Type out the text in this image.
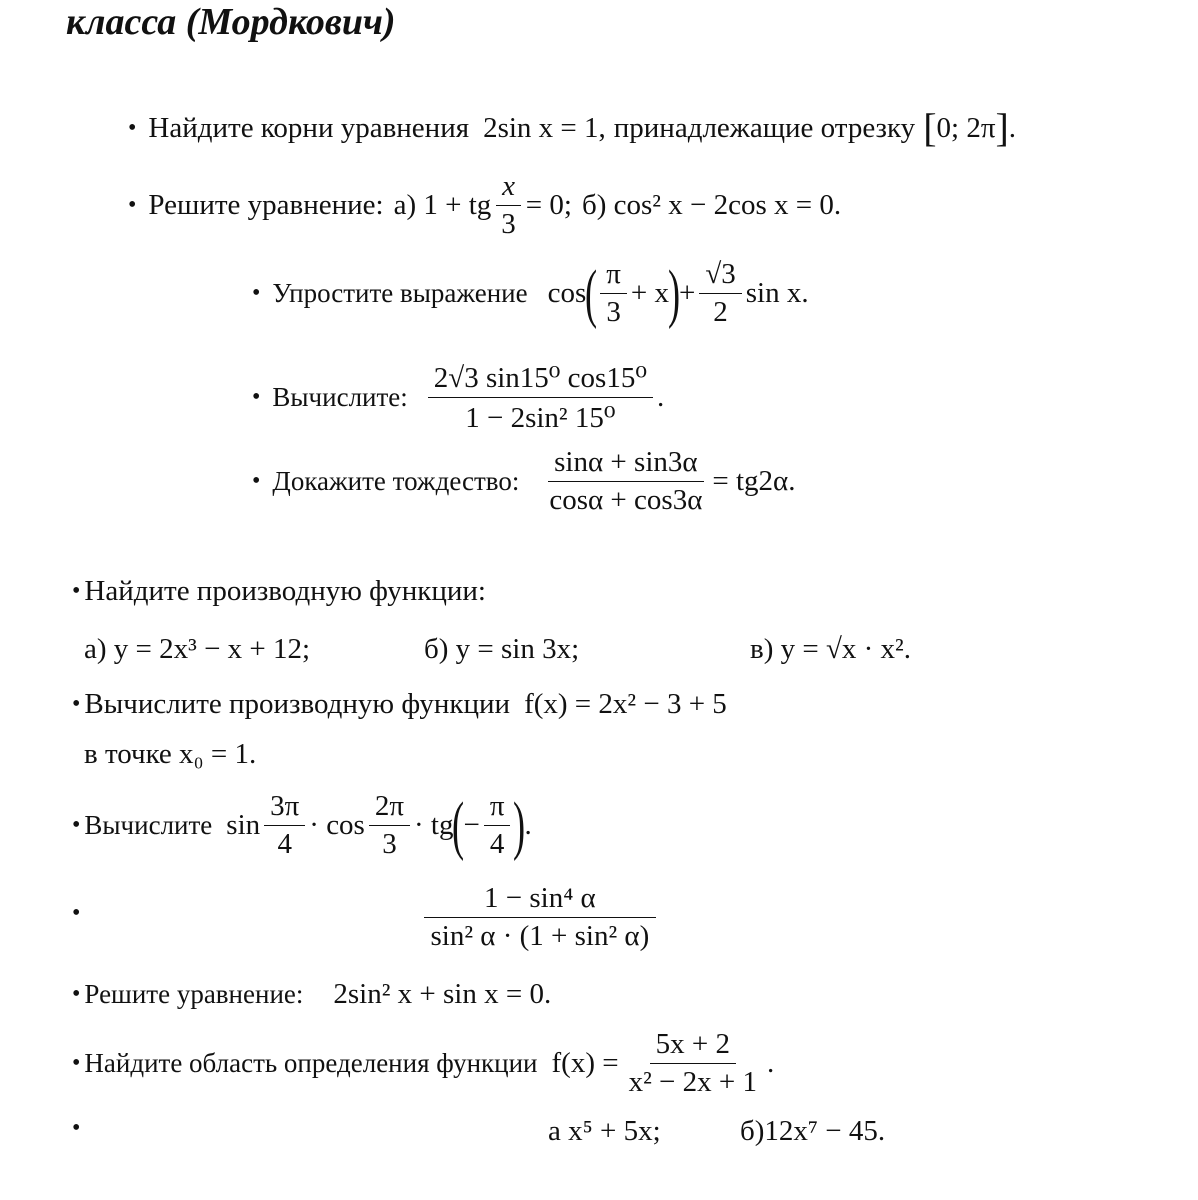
класса (Мордкович)
• Найдите корни уравнения 2sin x = 1, принадлежащие отрезку [ 0; 2π ] .
• Решите уравнение: а) 1 + tg $\frac{x}{3} = 0$; б) cos² x − 2cos x = 0.
• Упростите выражение cos
( $\frac{\pi}{3} + x$
)
+ $\frac{√3}{2}$ sin x.
• Вычислите: $\frac{\text{2√3 sin15⁰ cos15⁰}}{\text{1 − 2sin² 15⁰}}$ .
• Докажите тождество: $\frac{\sin\alpha + \sin 3\alpha}{\cos\alpha + \cos 3\alpha} = tg2\alpha$.
• Найдите производную функции:
а) y = 2x³ − x + 12;	б) y = sin 3x;	в) y = √x · x².
• Вычислите производную функции f(x) = 2x² − 3 + 5
в точке x₀ = 1.
• Вычислите $\sin \frac{3\pi}{4} \cdot \cos \frac{2\pi}{3}$ · tg
(
− $\frac{\pi}{4}$ )
.
•	$\frac{\text{1 − sin⁴ α}}{\text{sin² α · (1 + sin² α)}}$
• Решите уравнение: 2sin² x + sin x = 0.
• Найдите область определения функции $f(x) = \frac{5x + 2}{\text{x² − 2x + 1}}$ .
•	а x⁵ + 5x;	б)12x⁷ − 45.
